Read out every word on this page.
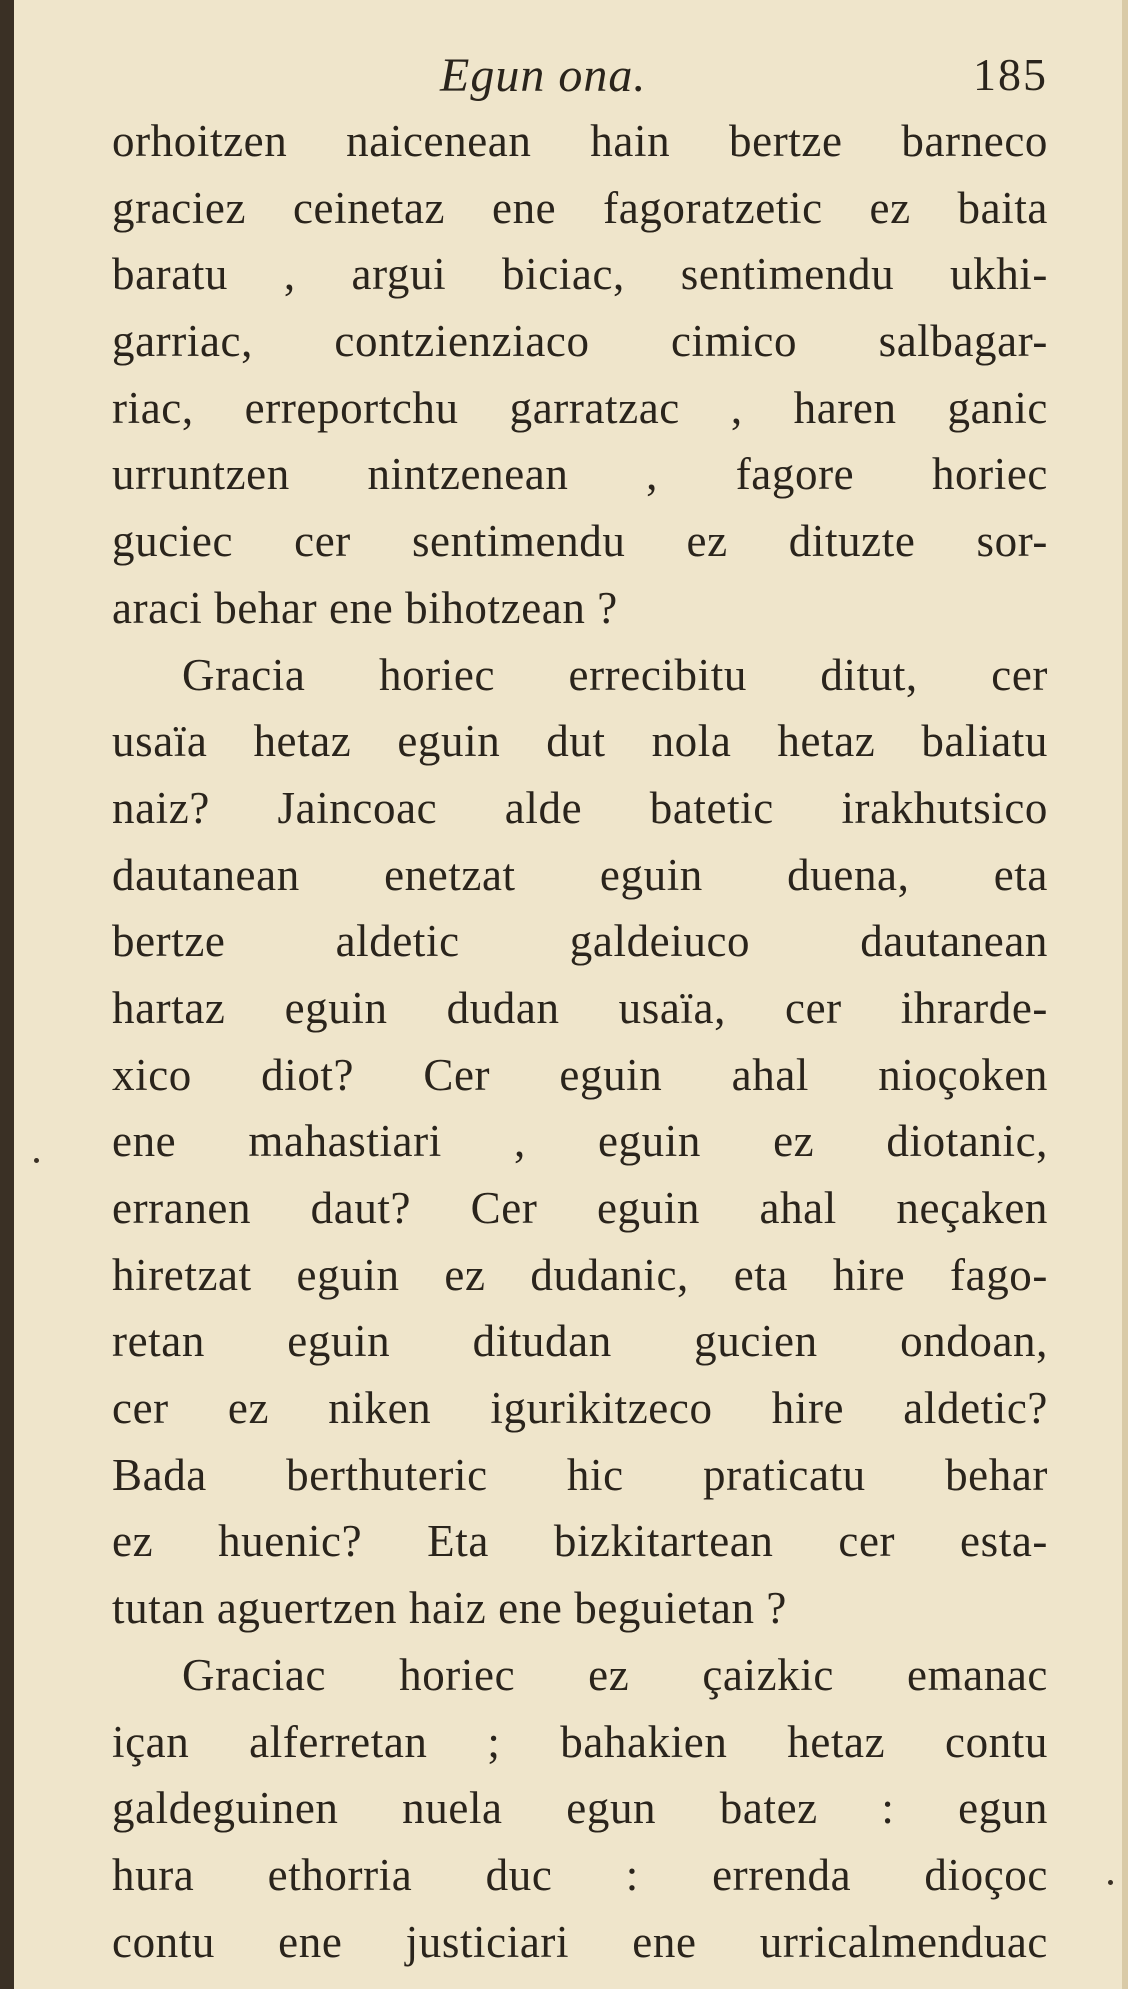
Egun ona.	185
orhoitzen naicenean hain bertze barneco
graciez ceinetaz ene fagoratzetic ez baita
baratu , argui biciac, sentimendu ukhi-
garriac, contzienziaco cimico salbagar-
riac, erreportchu garratzac , haren ganic
urruntzen nintzenean , fagore horiec
guciec cer sentimendu ez dituzte sor-
araci behar ene bihotzean ?
Gracia horiec errecibitu ditut, cer
usaïa hetaz eguin dut nola hetaz baliatu
naiz? Jaincoac alde batetic irakhutsico
dautanean enetzat eguin duena, eta
bertze aldetic galdeiuco dautanean
hartaz eguin dudan usaïa, cer ihrarde-
xico diot? Cer eguin ahal nioçoken
ene mahastiari , eguin ez diotanic,
erranen daut? Cer eguin ahal neçaken
hiretzat eguin ez dudanic, eta hire fago-
retan eguin ditudan gucien ondoan,
cer ez niken igurikitzeco hire aldetic?
Bada berthuteric hic praticatu behar
ez huenic? Eta bizkitartean cer esta-
tutan aguertzen haiz ene beguietan ?
Graciac horiec ez çaizkic emanac
içan alferretan ; bahakien hetaz contu
galdeguinen nuela egun batez : egun
hura ethorria duc : errenda dioçoc
contu ene justiciari ene urricalmenduac
